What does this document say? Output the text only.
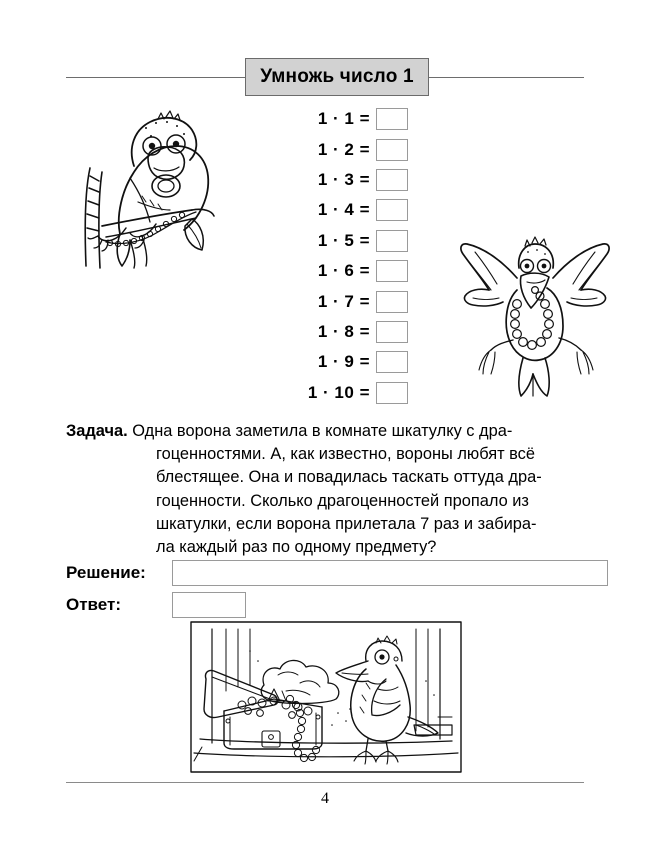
Умножь число 1
1 · 1 =
1 · 2 =
1 · 3 =
1 · 4 =
1 · 5 =
1 · 6 =
1 · 7 =
1 · 8 =
1 · 9 =
1 · 10 =
Задача. Одна ворона заметила в комнате шкатулку с дра-
гоценностями. А, как известно, вороны любят всё
блестящее. Она и повадилась таскать оттуда дра-
гоценности. Сколько драгоценностей пропало из
шкатулки, если ворона прилетала 7 раз и забира-
ла каждый раз по одному предмету?
Решение:
Ответ:
4
